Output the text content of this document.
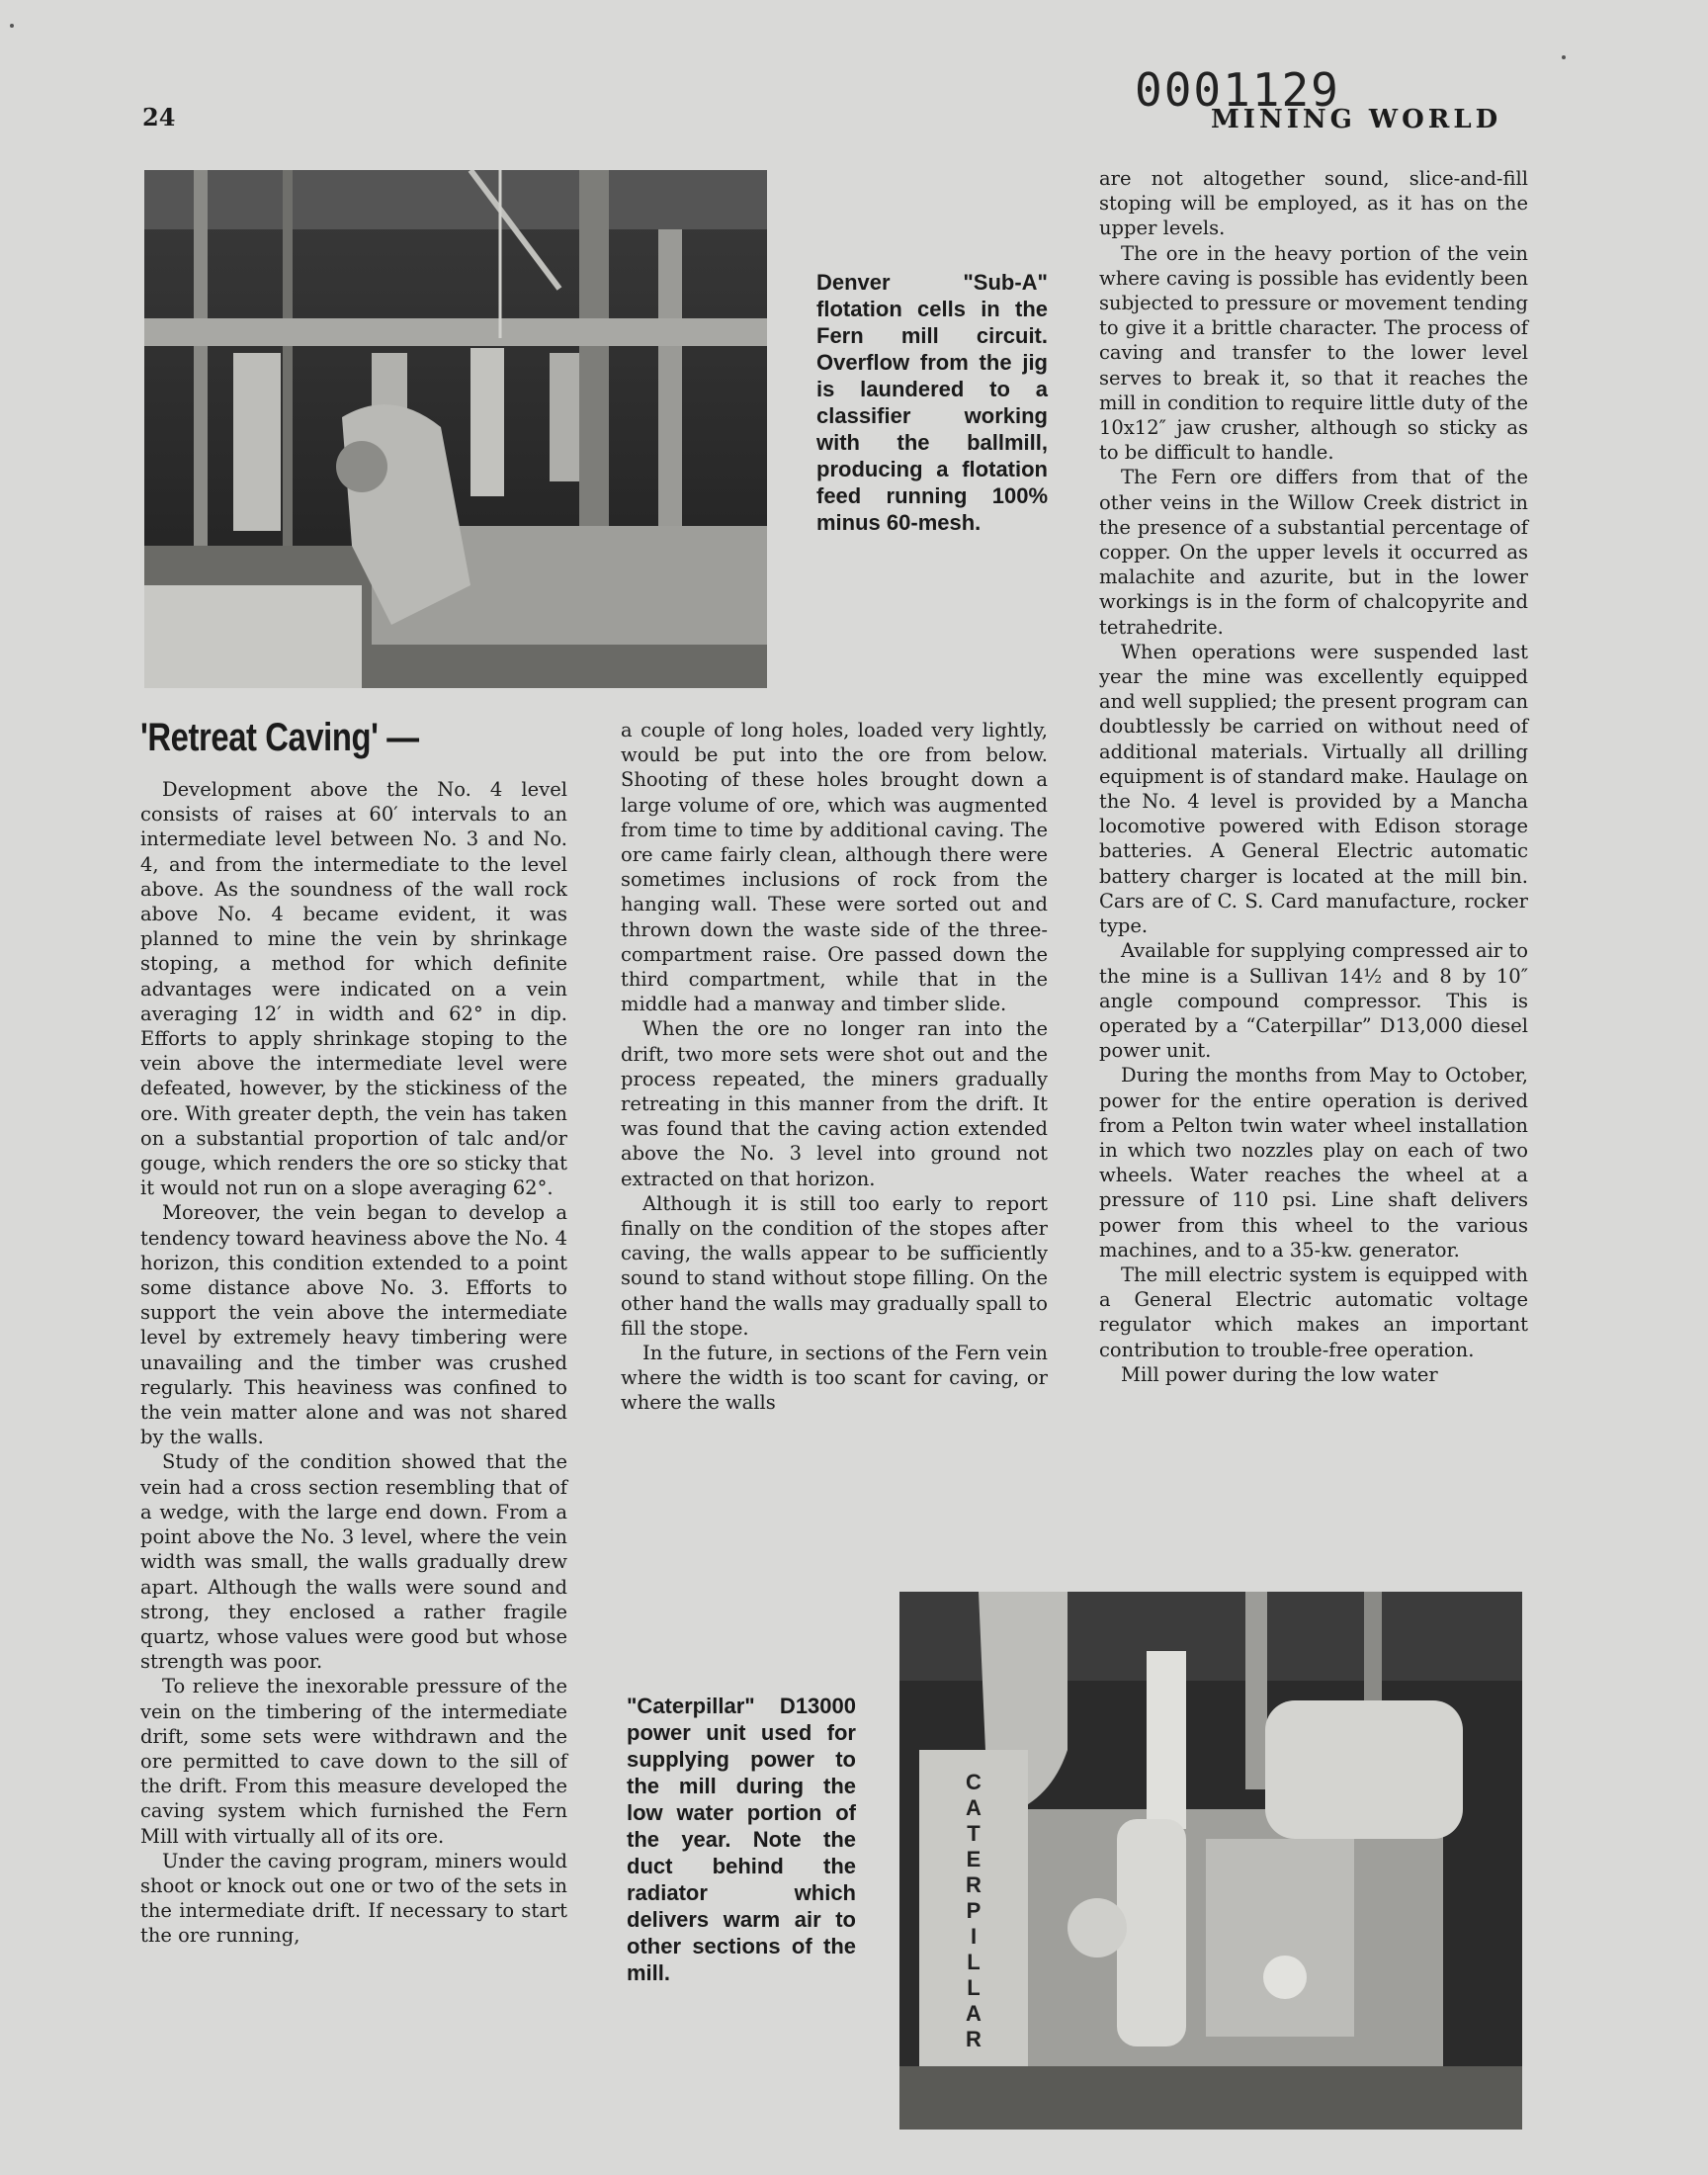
24
0001129
MINING WORLD
Denver "Sub-A" flotation cells in the Fern mill circuit. Overflow from the jig is laundered to a classifier working with the ballmill, producing a flotation feed running 100% minus 60-mesh.
'Retreat Caving' —

Development above the No. 4 level consists of raises at 60′ intervals to an intermediate level between No. 3 and No. 4, and from the intermediate to the level above. As the soundness of the wall rock above No. 4 became evident, it was planned to mine the vein by shrinkage stoping, a method for which definite advantages were indicated on a vein averaging 12′ in width and 62° in dip. Efforts to apply shrinkage stoping to the vein above the intermediate level were defeated, however, by the stickiness of the ore. With greater depth, the vein has taken on a substantial proportion of talc and/or gouge, which renders the ore so sticky that it would not run on a slope averaging 62°.

Moreover, the vein began to develop a tendency toward heaviness above the No. 4 horizon, this condition extended to a point some distance above No. 3. Efforts to support the vein above the intermediate level by extremely heavy timbering were unavailing and the timber was crushed regularly. This heaviness was confined to the vein matter alone and was not shared by the walls.

Study of the condition showed that the vein had a cross section resembling that of a wedge, with the large end down. From a point above the No. 3 level, where the vein width was small, the walls gradually drew apart. Although the walls were sound and strong, they enclosed a rather fragile quartz, whose values were good but whose strength was poor.

To relieve the inexorable pressure of the vein on the timbering of the intermediate drift, some sets were withdrawn and the ore permitted to cave down to the sill of the drift. From this measure developed the caving system which furnished the Fern Mill with virtually all of its ore.

Under the caving program, miners would shoot or knock out one or two of the sets in the intermediate drift. If necessary to start the ore running,

a couple of long holes, loaded very lightly, would be put into the ore from below. Shooting of these holes brought down a large volume of ore, which was augmented from time to time by additional caving. The ore came fairly clean, although there were sometimes inclusions of rock from the hanging wall. These were sorted out and thrown down the waste side of the three-compartment raise. Ore passed down the third compartment, while that in the middle had a manway and timber slide.

When the ore no longer ran into the drift, two more sets were shot out and the process repeated, the miners gradually retreating in this manner from the drift. It was found that the caving action extended above the No. 3 level into ground not extracted on that horizon.

Although it is still too early to report finally on the condition of the stopes after caving, the walls appear to be sufficiently sound to stand without stope filling. On the other hand the walls may gradually spall to fill the stope.

In the future, in sections of the Fern vein where the width is too scant for caving, or where the walls

are not altogether sound, slice-and-fill stoping will be employed, as it has on the upper levels.

The ore in the heavy portion of the vein where caving is possible has evidently been subjected to pressure or movement tending to give it a brittle character. The process of caving and transfer to the lower level serves to break it, so that it reaches the mill in condition to require little duty of the 10x12″ jaw crusher, although so sticky as to be difficult to handle.

The Fern ore differs from that of the other veins in the Willow Creek district in the presence of a substantial percentage of copper. On the upper levels it occurred as malachite and azurite, but in the lower workings is in the form of chalcopyrite and tetrahedrite.

When operations were suspended last year the mine was excellently equipped and well supplied; the present program can doubtlessly be carried on without need of additional materials. Virtually all drilling equipment is of standard make. Haulage on the No. 4 level is provided by a Mancha locomotive powered with Edison storage batteries. A General Electric automatic battery charger is located at the mill bin. Cars are of C. S. Card manufacture, rocker type.

Available for supplying compressed air to the mine is a Sullivan 14½ and 8 by 10″ angle compound compressor. This is operated by a “Caterpillar” D13,000 diesel power unit.

During the months from May to October, power for the entire operation is derived from a Pelton twin water wheel installation in which two nozzles play on each of two wheels. Water reaches the wheel at a pressure of 110 psi. Line shaft delivers power from this wheel to the various machines, and to a 35-kw. generator.

The mill electric system is equipped with a General Electric automatic voltage regulator which makes an important contribution to trouble-free operation.

Mill power during the low water

"Caterpillar" D13000 power unit used for supplying power to the mill during the low water portion of the year. Note the duct behind the radiator which delivers warm air to other sections of the mill.
C A T E R P I L L A R
